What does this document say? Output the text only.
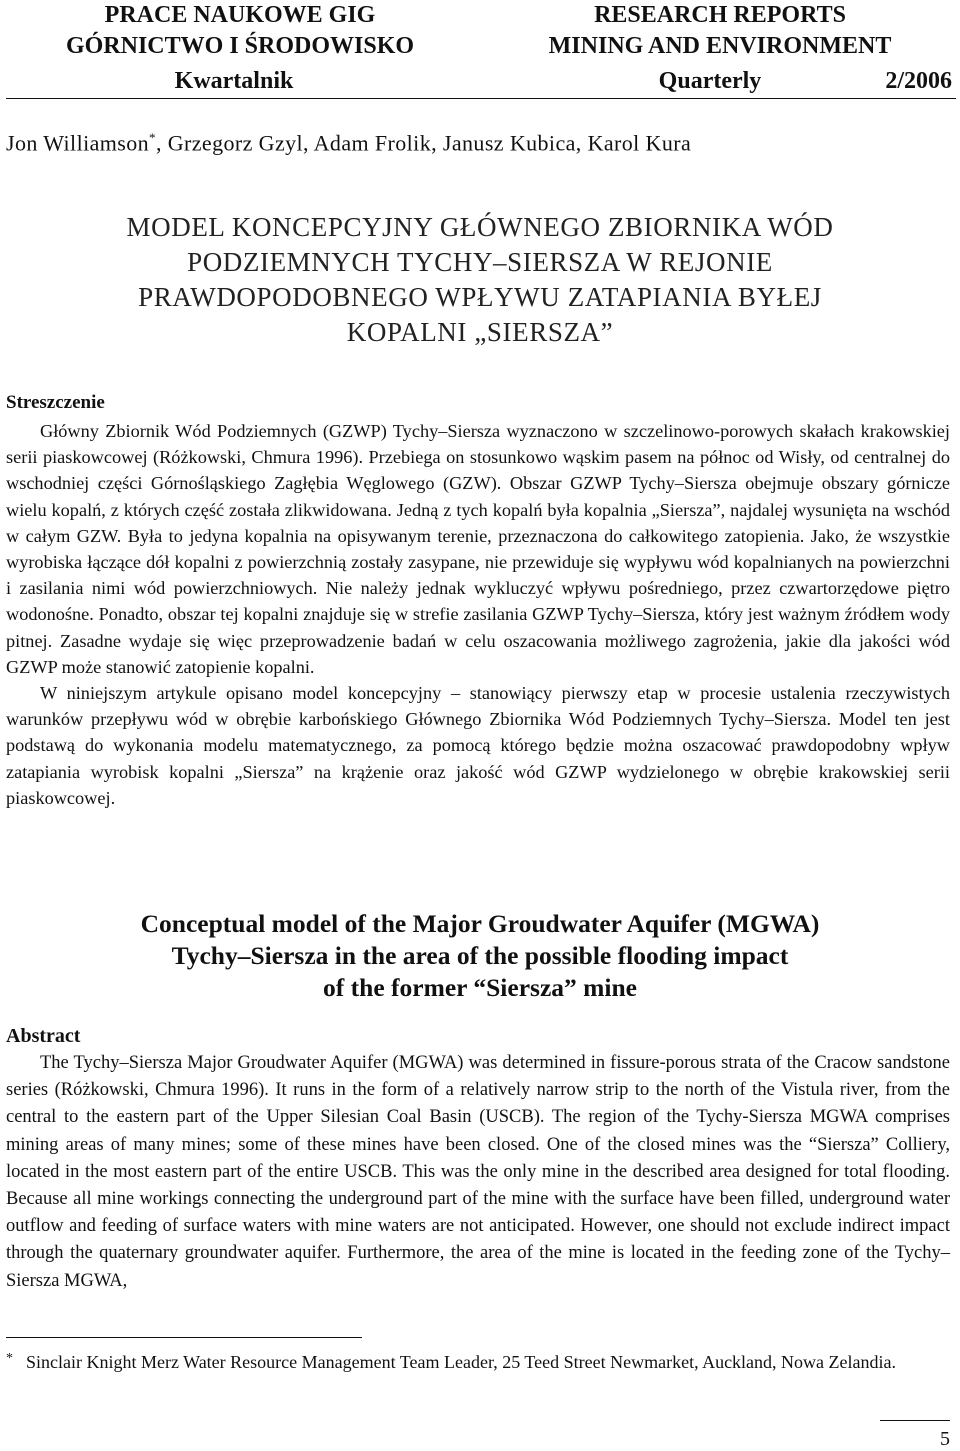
PRACE NAUKOWE GIG	RESEARCH REPORTS
GÓRNICTWO I ŚRODOWISKO	MINING AND ENVIRONMENT
Kwartalnik	Quarterly	2/2006
Jon Williamson*, Grzegorz Gzyl, Adam Frolik, Janusz Kubica, Karol Kura
MODEL KONCEPCYJNY GŁÓWNEGO ZBIORNIKA WÓD
PODZIEMNYCH TYCHY–SIERSZA W REJONIE
PRAWDOPODOBNEGO WPŁYWU ZATAPIANIA BYŁEJ
KOPALNI „SIERSZA”
Streszczenie

Główny Zbiornik Wód Podziemnych (GZWP) Tychy–Siersza wyznaczono w szczelinowo-porowych skałach krakowskiej serii piaskowcowej (Różkowski, Chmura 1996). Przebiega on stosunkowo wąskim pasem na północ od Wisły, od centralnej do wschodniej części Górnośląskiego Zagłębia Węglowego (GZW). Obszar GZWP Tychy–Siersza obejmuje obszary górnicze wielu kopalń, z których część została zlikwidowana. Jedną z tych kopalń była kopalnia „Siersza”, najdalej wysunięta na wschód w całym GZW. Była to jedyna kopalnia na opisywanym terenie, przeznaczona do całkowitego zatopienia. Jako, że wszystkie wyrobiska łączące dół kopalni z powierzchnią zostały zasypane, nie przewiduje się wypływu wód kopalnianych na powierzchni i zasilania nimi wód powierzchniowych. Nie należy jednak wykluczyć wpływu pośredniego, przez czwartorzędowe piętro wodonośne. Ponadto, obszar tej kopalni znajduje się w strefie zasilania GZWP Tychy–Siersza, który jest ważnym źródłem wody pitnej. Zasadne wydaje się więc przeprowadzenie badań w celu oszacowania możliwego zagrożenia, jakie dla jakości wód GZWP może stanowić zatopienie kopalni.

W niniejszym artykule opisano model koncepcyjny – stanowiący pierwszy etap w procesie ustalenia rzeczywistych warunków przepływu wód w obrębie karbońskiego Głównego Zbiornika Wód Podziemnych Tychy–Siersza. Model ten jest podstawą do wykonania modelu matematycznego, za pomocą którego będzie można oszacować prawdopodobny wpływ zatapiania wyrobisk kopalni „Siersza” na krążenie oraz jakość wód GZWP wydzielonego w obrębie krakowskiej serii piaskowcowej.

Conceptual model of the Major Groudwater Aquifer (MGWA)
Tychy–Siersza in the area of the possible flooding impact
of the former “Siersza” mine
Abstract

The Tychy–Siersza Major Groudwater Aquifer (MGWA) was determined in fissure-porous strata of the Cracow sandstone series (Różkowski, Chmura 1996). It runs in the form of a relatively narrow strip to the north of the Vistula river, from the central to the eastern part of the Upper Silesian Coal Basin (USCB). The region of the Tychy-Siersza MGWA comprises mining areas of many mines; some of these mines have been closed. One of the closed mines was the “Siersza” Colliery, located in the most eastern part of the entire USCB. This was the only mine in the described area designed for total flooding. Because all mine workings connecting the underground part of the mine with the surface have been filled, underground water outflow and feeding of surface waters with mine waters are not anticipated. However, one should not exclude indirect impact through the quaternary groundwater aquifer. Furthermore, the area of the mine is located in the feeding zone of the Tychy–Siersza MGWA,

* Sinclair Knight Merz Water Resource Management Team Leader, 25 Teed Street Newmarket, Auckland, Nowa Zelandia.
5
